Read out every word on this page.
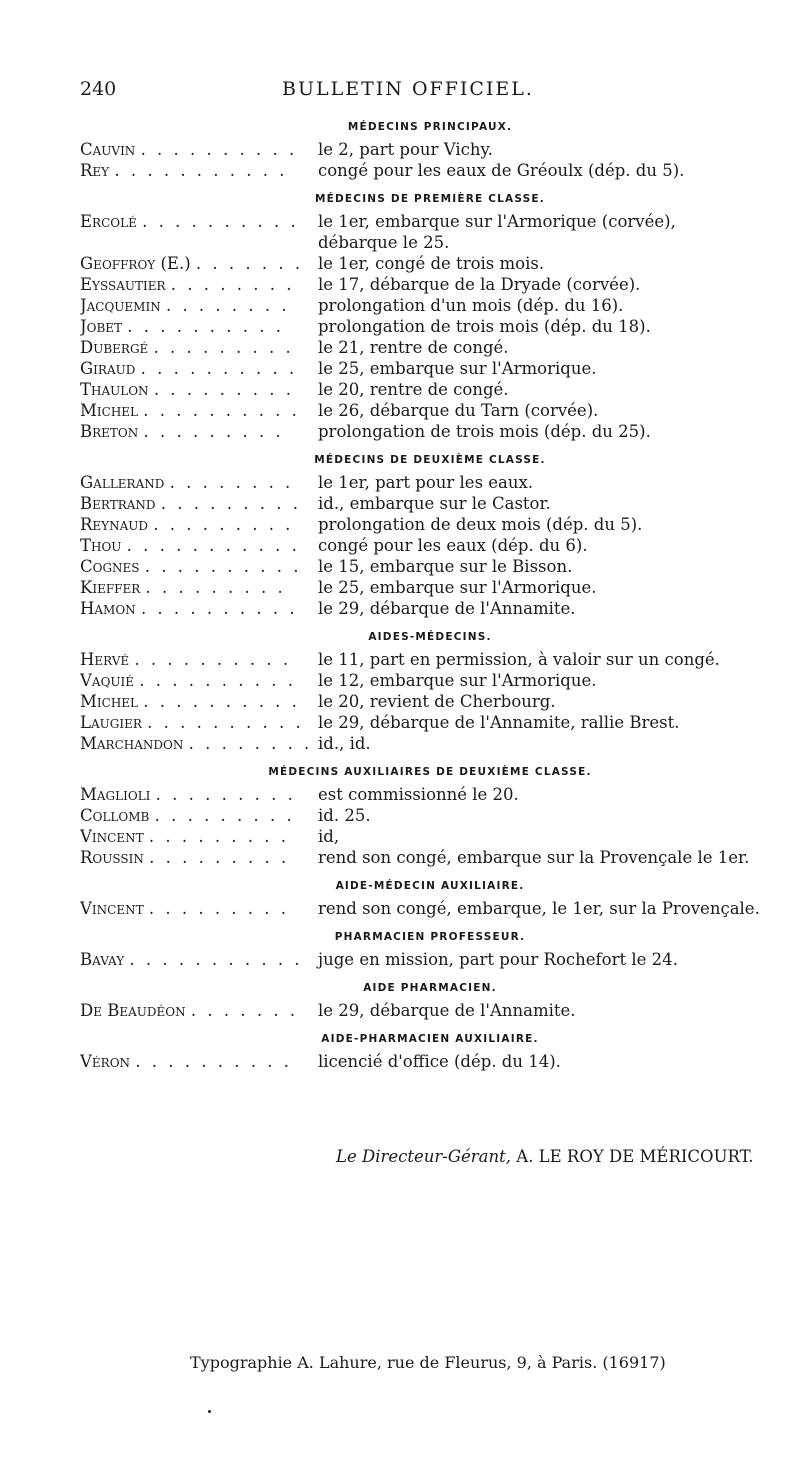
240	BULLETIN OFFICIEL.
MÉDECINS PRINCIPAUX.
Cauvin . . . . . . . . . .	le 2, part pour Vichy.
Rey . . . . . . . . . . .	congé pour les eaux de Gréoulx (dép. du 5).
MÉDECINS DE PREMIÈRE CLASSE.
Ercolé . . . . . . . . . .	le 1er, embarque sur l'Armorique (corvée), débarque le 25.
Geoffroy (E.) . . . . . . . le 1er, congé de trois mois.
Eyssautier . . . . . . . .	le 17, débarque de la Dryade (corvée).
Jacquemin . . . . . . . .	prolongation d'un mois (dép. du 16).
Jobet . . . . . . . . . .	prolongation de trois mois (dép. du 18).
Dubergé . . . . . . . . .	le 21, rentre de congé.
Giraud . . . . . . . . . .	le 25, embarque sur l'Armorique.
Thaulon . . . . . . . . .	le 20, rentre de congé.
Michel . . . . . . . . . .	le 26, débarque du Tarn (corvée).
Breton . . . . . . . . .	prolongation de trois mois (dép. du 25).
MÉDECINS DE DEUXIÈME CLASSE.
Gallerand . . . . . . . .	le 1er, part pour les eaux.
Bertrand . . . . . . . . .	id., embarque sur le Castor.
Reynaud . . . . . . . . .	prolongation de deux mois (dép. du 5).
Thou . . . . . . . . . . .	congé pour les eaux (dép. du 6).
Cognes . . . . . . . . . .	le 15, embarque sur le Bisson.
Kieffer . . . . . . . . .	le 25, embarque sur l'Armorique.
Hamon . . . . . . . . . .	le 29, débarque de l'Annamite.
AIDES-MÉDECINS.
Hervé . . . . . . . . . .	le 11, part en permission, à valoir sur un congé.
Vaquié . . . . . . . . . .	le 12, embarque sur l'Armorique.
Michel . . . . . . . . . .	le 20, revient de Cherbourg.
Laugier . . . . . . . . . . le 29, débarque de l'Annamite, rallie Brest.
Marchandon . . . . . . . . id., id.
MÉDECINS AUXILIAIRES DE DEUXIÈME CLASSE.
Maglioli . . . . . . . . .	est commissionné le 20.
Collomb . . . . . . . . .	id. 25.
Vincent . . . . . . . . .	id,
Roussin . . . . . . . . .	rend son congé, embarque sur la Provençale le 1er.
AIDE-MÉDECIN AUXILIAIRE.
Vincent . . . . . . . . .	rend son congé, embarque, le 1er, sur la Provençale.
PHARMACIEN PROFESSEUR.
Bavay . . . . . . . . . . . juge en mission, part pour Rochefort le 24.
AIDE PHARMACIEN.
De Beaudéon . . . . . . .	le 29, débarque de l'Annamite.
AIDE-PHARMACIEN AUXILIAIRE.
Véron . . . . . . . . . .	licencié d'office (dép. du 14).
Le Directeur-Gérant, A. LE ROY DE MÉRICOURT.
Typographie A. Lahure, rue de Fleurus, 9, à Paris. (16917)
